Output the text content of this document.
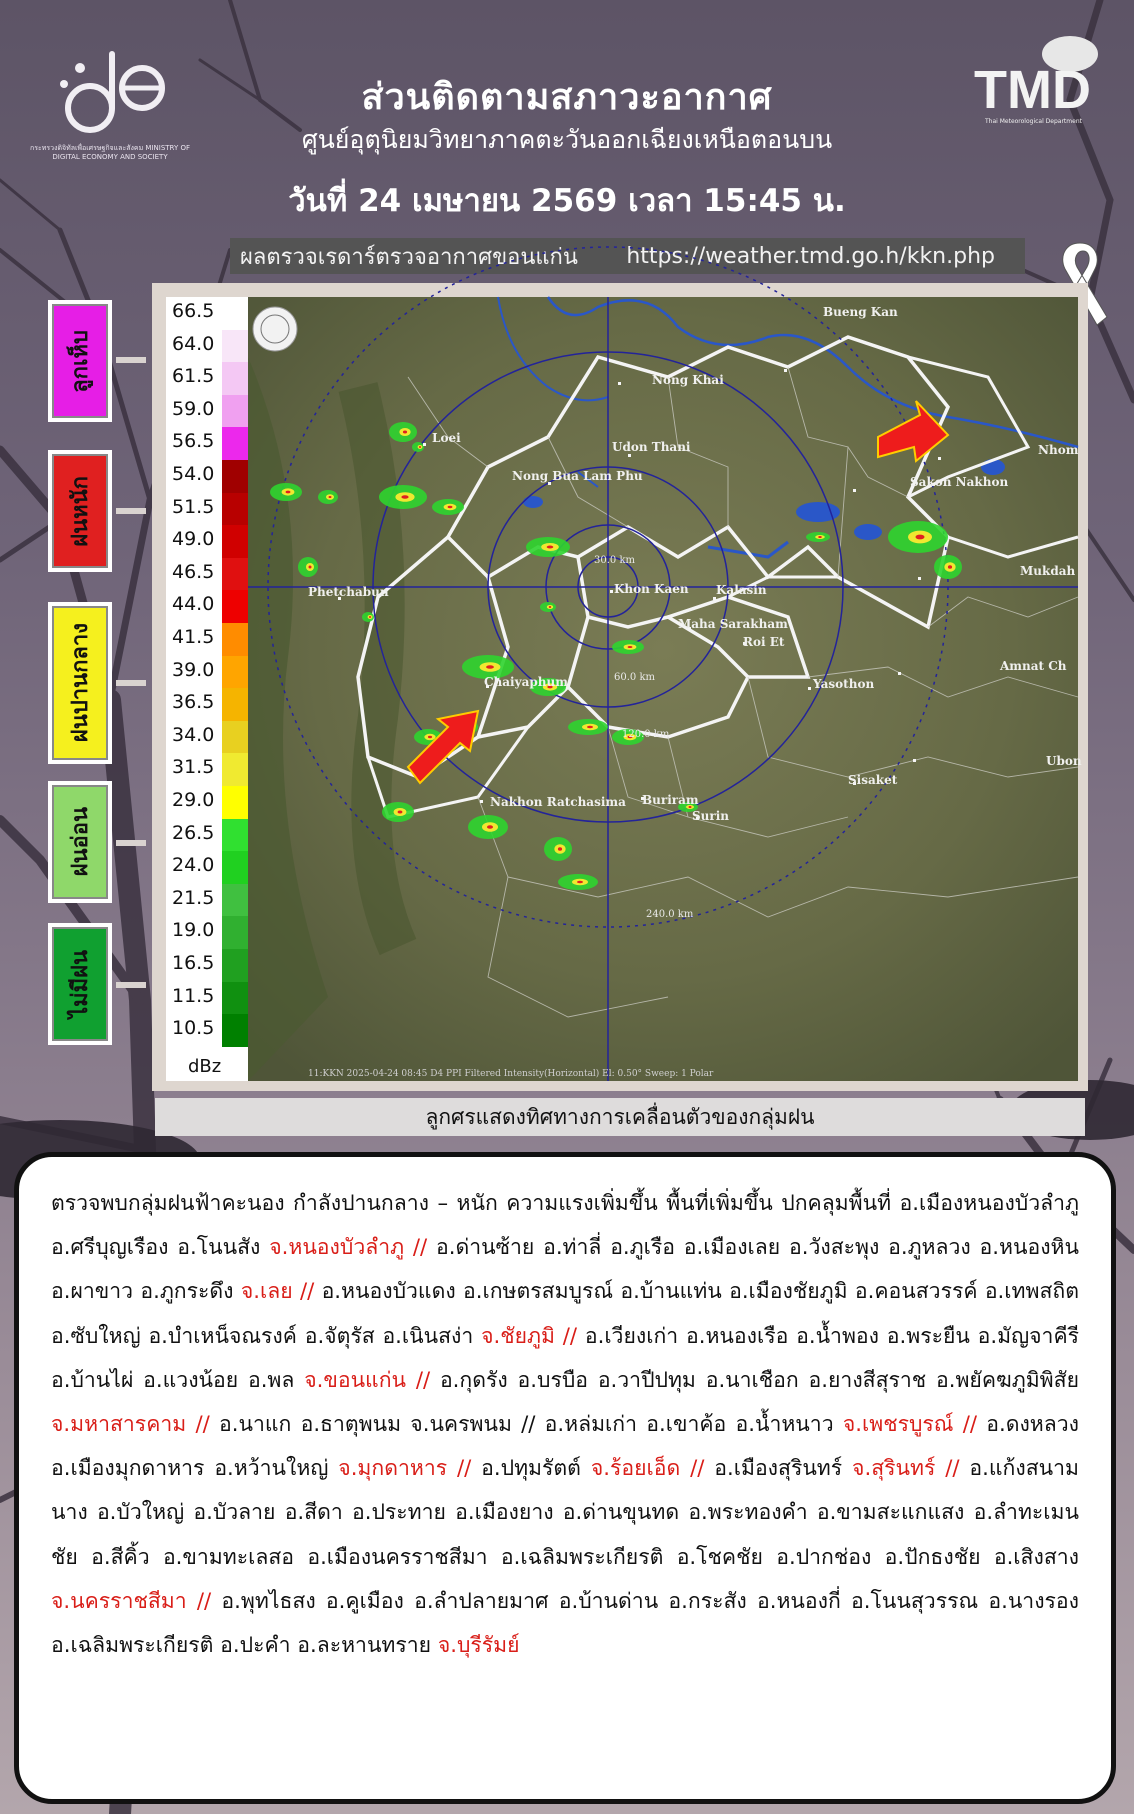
กระทรวงดิจิทัลเพื่อเศรษฐกิจและสังคม MINISTRY OF DIGITAL ECONOMY AND SOCIETY
TMD
Thai Meteorological Department
ส่วนติดตามสภาวะอากาศ
ศูนย์อุตุนิยมวิทยาภาคตะวันออกเฉียงเหนือตอนบน
วันที่ 24 เมษายน 2569 เวลา 15:45 น.
ผลตรวจเรดาร์ตรวจอากาศขอนแก่น https://weather.tmd.go.h/kkn.php
ลูกเห็บ
ฝนหนัก
ฝนปานกลาง
ฝนอ่อน
ไม่มีฝน
dBz
66.5
64.0
61.5
59.0
56.5
54.0
51.5
49.0
46.5
44.0
41.5
39.0
36.5
34.0
31.5
29.0
26.5
24.0
21.5
19.0
16.5
11.5
10.5
Bueng Kan
Nong Khai
Loei
Udon Thani
Nong Bua Lam Phu	Sakon Nakhon
Nhom
Mukdah
Phetchabun	Khon Kaen Kalasin
Maha Sarakham
Roi Et
Chaiyaphum	Yasothon
Amnat Ch
Nakhon Ratchasima Buriram
Surin
Sisaket
Ubon
30.0 km
60.0 km
120.0 km
240.0 km
11:KKN 2025-04-24 08:45 D4 PPI Filtered Intensity(Horizontal) El: 0.50° Sweep: 1 Polar
ลูกศรแสดงทิศทางการเคลื่อนตัวของกลุ่มฝน
ตรวจพบกลุ่มฝนฟ้าคะนอง กำลังปานกลาง – หนัก ความแรงเพิ่มขึ้น พื้นที่เพิ่มขึ้น ปกคลุมพื้นที่ อ.เมืองหนองบัวลำภู อ.ศรีบุญเรือง อ.โนนสัง จ.หนองบัวลำภู // อ.ด่านซ้าย อ.ท่าลี่ อ.ภูเรือ อ.เมืองเลย อ.วังสะพุง อ.ภูหลวง อ.หนองหิน อ.ผาขาว อ.ภูกระดึง จ.เลย // อ.หนองบัวแดง อ.เกษตรสมบูรณ์ อ.บ้านแท่น อ.เมืองชัยภูมิ อ.คอนสวรรค์ อ.เทพสถิต อ.ซับใหญ่ อ.บำเหน็จณรงค์ อ.จัตุรัส อ.เนินสง่า จ.ชัยภูมิ // อ.เวียงเก่า อ.หนองเรือ อ.น้ำพอง อ.พระยืน อ.มัญจาคีรี อ.บ้านไผ่ อ.แวงน้อย อ.พล จ.ขอนแก่น // อ.กุดรัง อ.บรบือ อ.วาปีปทุม อ.นาเชือก อ.ยางสีสุราช อ.พยัคฆภูมิพิสัย จ.มหาสารคาม // อ.นาแก อ.ธาตุพนม จ.นครพนม // อ.หล่มเก่า อ.เขาค้อ อ.น้ำหนาว จ.เพชรบูรณ์ // อ.ดงหลวง อ.เมืองมุกดาหาร อ.หว้านใหญ่ จ.มุกดาหาร // อ.ปทุมรัตต์ จ.ร้อยเอ็ด // อ.เมืองสุรินทร์ จ.สุรินทร์ // อ.แก้งสนามนาง อ.บัวใหญ่ อ.บัวลาย อ.สีดา อ.ประทาย อ.เมืองยาง อ.ด่านขุนทด อ.พระทองคำ อ.ขามสะแกแสง อ.ลำทะเมนชัย อ.สีคิ้ว อ.ขามทะเลสอ อ.เมืองนครราชสีมา อ.เฉลิมพระเกียรติ อ.โชคชัย อ.ปากช่อง อ.ปักธงชัย อ.เสิงสาง จ.นครราชสีมา // อ.พุทไธสง อ.คูเมือง อ.ลำปลายมาศ อ.บ้านด่าน อ.กระสัง อ.หนองกี่ อ.โนนสุวรรณ อ.นางรอง อ.เฉลิมพระเกียรติ อ.ปะคำ อ.ละหานทราย จ.บุรีรัมย์
